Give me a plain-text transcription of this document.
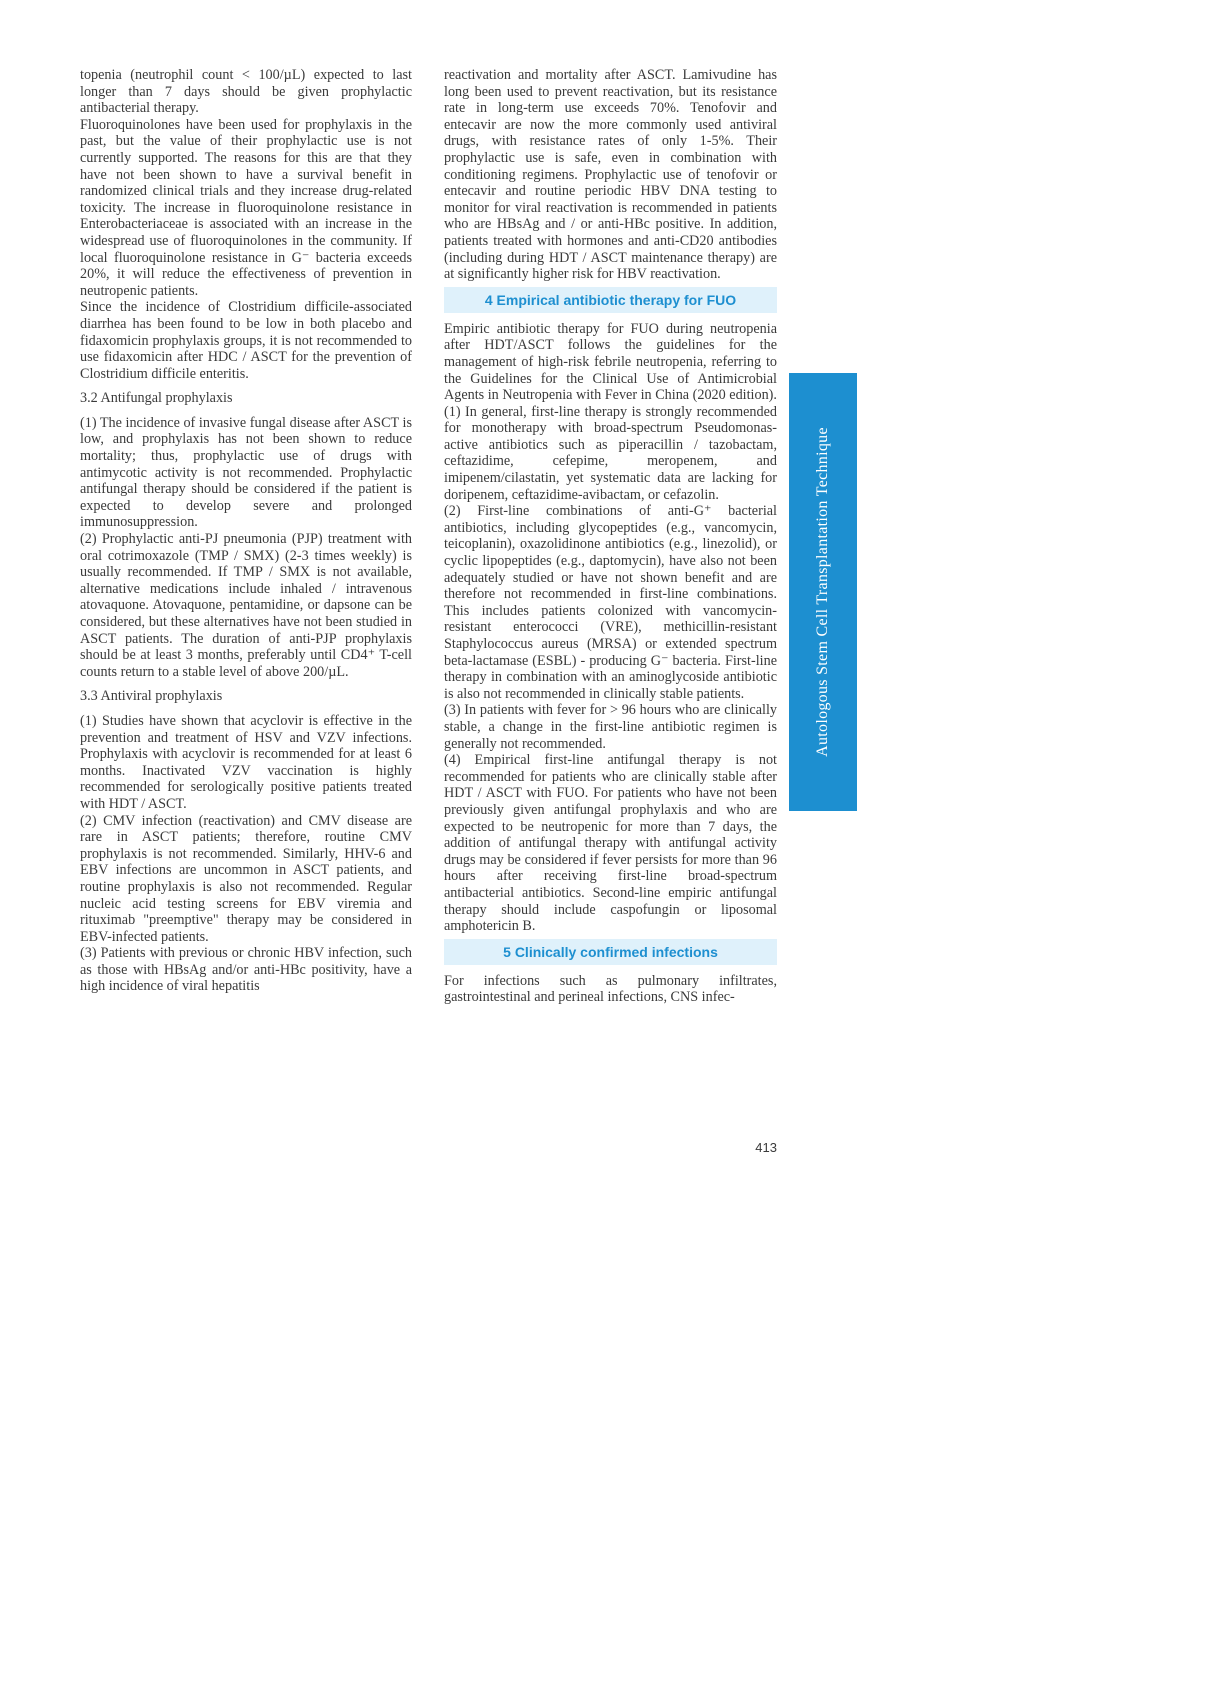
topenia (neutrophil count < 100/µL) expected to last longer than 7 days should be given prophylactic antibacterial therapy.

Fluoroquinolones have been used for prophylaxis in the past, but the value of their prophylactic use is not currently supported. The reasons for this are that they have not been shown to have a survival benefit in randomized clinical trials and they increase drug-related toxicity. The increase in fluoroquinolone resistance in Enterobacteriaceae is associated with an increase in the widespread use of fluoroquinolones in the community. If local fluoroquinolone resistance in G⁻ bacteria exceeds 20%, it will reduce the effectiveness of prevention in neutropenic patients.

Since the incidence of Clostridium difficile-associated diarrhea has been found to be low in both placebo and fidaxomicin prophylaxis groups, it is not recommended to use fidaxomicin after HDC / ASCT for the prevention of Clostridium difficile enteritis.

3.2 Antifungal prophylaxis

(1) The incidence of invasive fungal disease after ASCT is low, and prophylaxis has not been shown to reduce mortality; thus, prophylactic use of drugs with antimycotic activity is not recommended. Prophylactic antifungal therapy should be considered if the patient is expected to develop severe and prolonged immunosuppression.

(2) Prophylactic anti-PJ pneumonia (PJP) treatment with oral cotrimoxazole (TMP / SMX) (2-3 times weekly) is usually recommended. If TMP / SMX is not available, alternative medications include inhaled / intravenous atovaquone. Atovaquone, pentamidine, or dapsone can be considered, but these alternatives have not been studied in ASCT patients. The duration of anti-PJP prophylaxis should be at least 3 months, preferably until CD4⁺ T-cell counts return to a stable level of above 200/µL.

3.3 Antiviral prophylaxis

(1) Studies have shown that acyclovir is effective in the prevention and treatment of HSV and VZV infections. Prophylaxis with acyclovir is recommended for at least 6 months. Inactivated VZV vaccination is highly recommended for serologically positive patients treated with HDT / ASCT.

(2) CMV infection (reactivation) and CMV disease are rare in ASCT patients; therefore, routine CMV prophylaxis is not recommended. Similarly, HHV-6 and EBV infections are uncommon in ASCT patients, and routine prophylaxis is also not recommended. Regular nucleic acid testing screens for EBV viremia and rituximab "preemptive" therapy may be considered in EBV-infected patients.

(3) Patients with previous or chronic HBV infection, such as those with HBsAg and/or anti-HBc positivity, have a high incidence of viral hepatitis

reactivation and mortality after ASCT. Lamivudine has long been used to prevent reactivation, but its resistance rate in long-term use exceeds 70%. Tenofovir and entecavir are now the more commonly used antiviral drugs, with resistance rates of only 1-5%. Their prophylactic use is safe, even in combination with conditioning regimens. Prophylactic use of tenofovir or entecavir and routine periodic HBV DNA testing to monitor for viral reactivation is recommended in patients who are HBsAg and / or anti-HBc positive. In addition, patients treated with hormones and anti-CD20 antibodies (including during HDT / ASCT maintenance therapy) are at significantly higher risk for HBV reactivation.

4 Empirical antibiotic therapy for FUO

Empiric antibiotic therapy for FUO during neutropenia after HDT/ASCT follows the guidelines for the management of high-risk febrile neutropenia, referring to the Guidelines for the Clinical Use of Antimicrobial Agents in Neutropenia with Fever in China (2020 edition).

(1) In general, first-line therapy is strongly recommended for monotherapy with broad-spectrum Pseudomonas-active antibiotics such as piperacillin / tazobactam, ceftazidime, cefepime, meropenem, and imipenem/cilastatin, yet systematic data are lacking for doripenem, ceftazidime-avibactam, or cefazolin.

(2) First-line combinations of anti-G⁺ bacterial antibiotics, including glycopeptides (e.g., vancomycin, teicoplanin), oxazolidinone antibiotics (e.g., linezolid), or cyclic lipopeptides (e.g., daptomycin), have also not been adequately studied or have not shown benefit and are therefore not recommended in first-line combinations. This includes patients colonized with vancomycin-resistant enterococci (VRE), methicillin-resistant Staphylococcus aureus (MRSA) or extended spectrum beta-lactamase (ESBL) - producing G⁻ bacteria. First-line therapy in combination with an aminoglycoside antibiotic is also not recommended in clinically stable patients.

(3) In patients with fever for > 96 hours who are clinically stable, a change in the first-line antibiotic regimen is generally not recommended.

(4) Empirical first-line antifungal therapy is not recommended for patients who are clinically stable after HDT / ASCT with FUO. For patients who have not been previously given antifungal prophylaxis and who are expected to be neutropenic for more than 7 days, the addition of antifungal therapy with antifungal activity drugs may be considered if fever persists for more than 96 hours after receiving first-line broad-spectrum antibacterial antibiotics. Second-line empiric antifungal therapy should include caspofungin or liposomal amphotericin B.

5 Clinically confirmed infections

For infections such as pulmonary infiltrates, gastrointestinal and perineal infections, CNS infec-

Autologous Stem Cell Transplantation Technique
413
